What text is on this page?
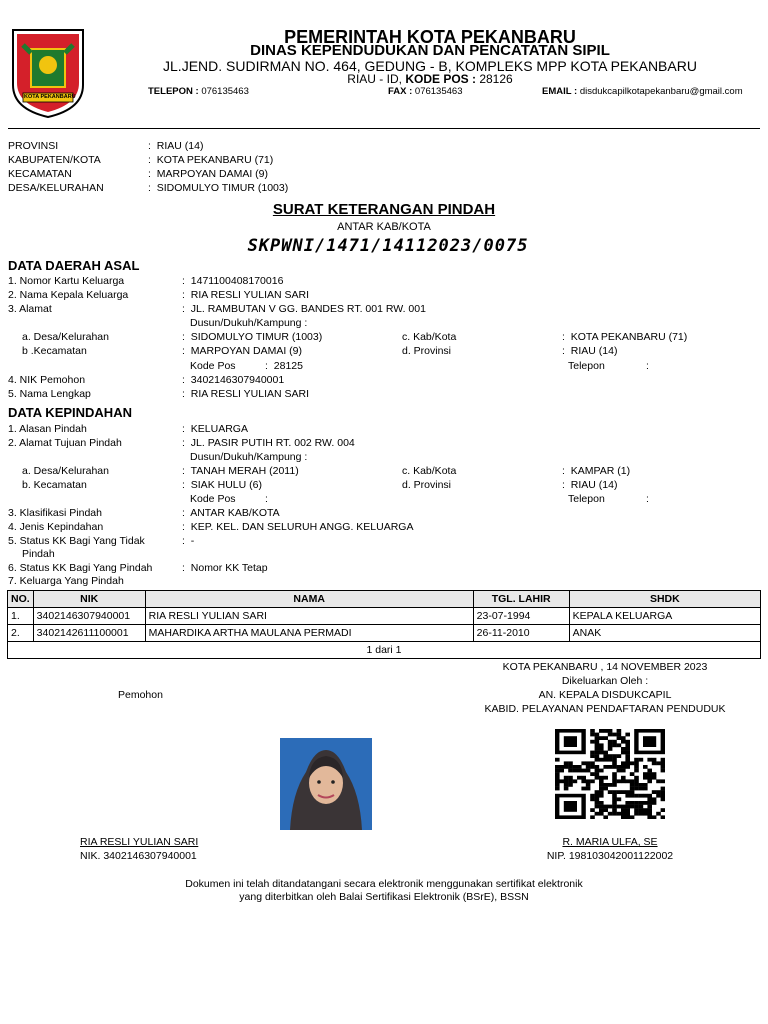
KOTA PEKANBARU
PEMERINTAH KOTA PEKANBARU
DINAS KEPENDUDUKAN DAN PENCATATAN SIPIL
JL.JEND. SUDIRMAN NO. 464, GEDUNG - B, KOMPLEKS MPP KOTA PEKANBARU
RIAU - ID, KODE POS : 28126
TELEPON : 076135463	FAX : 076135463	EMAIL : disdukcapilkotapekanbaru@gmail.com
PROVINSI	:  RIAU (14)
KABUPATEN/KOTA	:  KOTA PEKANBARU (71)
KECAMATAN	:  MARPOYAN DAMAI (9)
DESA/KELURAHAN	:  SIDOMULYO TIMUR (1003)
SURAT KETERANGAN PINDAH
ANTAR KAB/KOTA
SKPWNI/1471/14112023/0075
DATA DAERAH ASAL
1. Nomor Kartu Keluarga	:  1471100408170016
2. Nama Kepala Keluarga	:  RIA RESLI YULIAN SARI
3. Alamat	:  JL. RAMBUTAN V GG. BANDES RT. 001 RW. 001
Dusun/Dukuh/Kampung :
a. Desa/Kelurahan	:  SIDOMULYO TIMUR (1003)	c. Kab/Kota	:  KOTA PEKANBARU (71)
b .Kecamatan	:  MARPOYAN DAMAI (9)	d. Provinsi	:  RIAU (14)
Kode Pos	:  28125	Telepon	:
4. NIK Pemohon	:  3402146307940001
5. Nama Lengkap	:  RIA RESLI YULIAN SARI
DATA KEPINDAHAN
1. Alasan Pindah	:  KELUARGA
2. Alamat Tujuan Pindah	:  JL. PASIR PUTIH RT. 002 RW. 004
Dusun/Dukuh/Kampung :
a. Desa/Kelurahan	:  TANAH MERAH (2011)	c. Kab/Kota	:  KAMPAR (1)
b. Kecamatan	:  SIAK HULU (6)	d. Provinsi	:  RIAU (14)
Kode Pos	:	Telepon	:
3. Klasifikasi Pindah	:  ANTAR KAB/KOTA
4. Jenis Kepindahan	:  KEP. KEL. DAN SELURUH ANGG. KELUARGA
5. Status KK Bagi Yang Tidak
Pindah
:  -
6. Status KK Bagi Yang Pindah	:  Nomor KK Tetap
7. Keluarga Yang Pindah
NO.	NIK	NAMA	TGL. LAHIR	SHDK
1.	3402146307940001	RIA RESLI YULIAN SARI	23-07-1994	KEPALA KELUARGA
2.	3402142611100001	MAHARDIKA ARTHA MAULANA PERMADI	26-11-2010	ANAK
1 dari 1				
KOTA PEKANBARU , 14 NOVEMBER 2023
Dikeluarkan Oleh :
AN. KEPALA DISDUKCAPIL
KABID. PELAYANAN PENDAFTARAN PENDUDUK
Pemohon
RIA RESLI YULIAN SARI
NIK. 3402146307940001
R. MARIA ULFA, SE
NIP. 198103042001122002
Dokumen ini telah ditandatangani secara elektronik menggunakan sertifikat elektronik
yang diterbitkan oleh Balai Sertifikasi Elektronik (BSrE), BSSN
